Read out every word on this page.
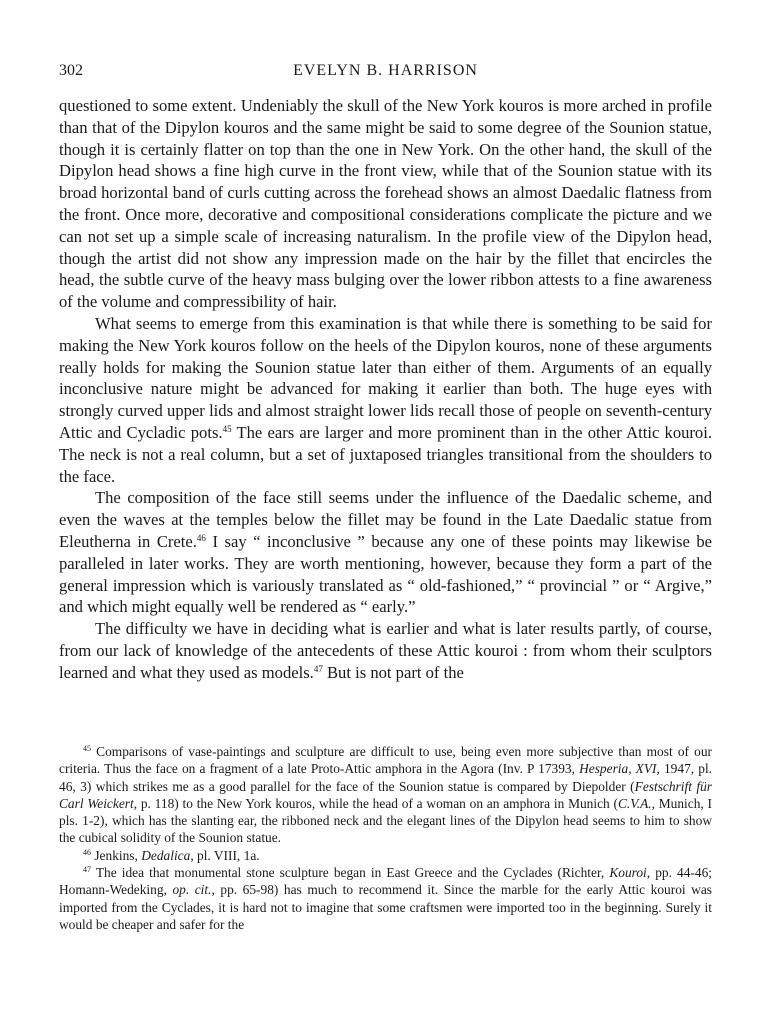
302	EVELYN B. HARRISON

questioned to some extent. Undeniably the skull of the New York kouros is more arched in profile than that of the Dipylon kouros and the same might be said to some degree of the Sounion statue, though it is certainly flatter on top than the one in New York. On the other hand, the skull of the Dipylon head shows a fine high curve in the front view, while that of the Sounion statue with its broad horizontal band of curls cutting across the forehead shows an almost Daedalic flatness from the front. Once more, decorative and compositional considerations complicate the picture and we can not set up a simple scale of increasing naturalism. In the profile view of the Dipylon head, though the artist did not show any impression made on the hair by the fillet that encircles the head, the subtle curve of the heavy mass bulging over the lower ribbon attests to a fine awareness of the volume and compressibility of hair.

What seems to emerge from this examination is that while there is something to be said for making the New York kouros follow on the heels of the Dipylon kouros, none of these arguments really holds for making the Sounion statue later than either of them. Arguments of an equally inconclusive nature might be advanced for making it earlier than both. The huge eyes with strongly curved upper lids and almost straight lower lids recall those of people on seventh-century Attic and Cycladic pots.$^{45}$ The ears are larger and more prominent than in the other Attic kouroi. The neck is not a real column, but a set of juxtaposed triangles transitional from the shoulders to the face.

The composition of the face still seems under the influence of the Daedalic scheme, and even the waves at the temples below the fillet may be found in the Late Daedalic statue from Eleutherna in Crete.$^{46}$ I say “ inconclusive ” because any one of these points may likewise be paralleled in later works. They are worth mentioning, however, because they form a part of the general impression which is variously translated as “ old-fashioned,” “ provincial ” or “ Argive,” and which might equally well be rendered as “ early.”

The difficulty we have in deciding what is earlier and what is later results partly, of course, from our lack of knowledge of the antecedents of these Attic kouroi : from whom their sculptors learned and what they used as models.$^{47}$ But is not part of the

$^{45}$ Comparisons of vase-paintings and sculpture are difficult to use, being even more subjective than most of our criteria. Thus the face on a fragment of a late Proto-Attic amphora in the Agora (Inv. P 17393, Hesperia, XVI, 1947, pl. 46, 3) which strikes me as a good parallel for the face of the Sounion statue is compared by Diepolder (Festschrift für Carl Weickert, p. 118) to the New York kouros, while the head of a woman on an amphora in Munich (C.V.A., Munich, I pls. 1-2), which has the slanting ear, the ribboned neck and the elegant lines of the Dipylon head seems to him to show the cubical solidity of the Sounion statue.

$^{46}$ Jenkins, Dedalica, pl. VIII, 1a.

$^{47}$ The idea that monumental stone sculpture began in East Greece and the Cyclades (Richter, Kouroi, pp. 44-46; Homann-Wedeking, op. cit., pp. 65-98) has much to recommend it. Since the marble for the early Attic kouroi was imported from the Cyclades, it is hard not to imagine that some craftsmen were imported too in the beginning. Surely it would be cheaper and safer for the
